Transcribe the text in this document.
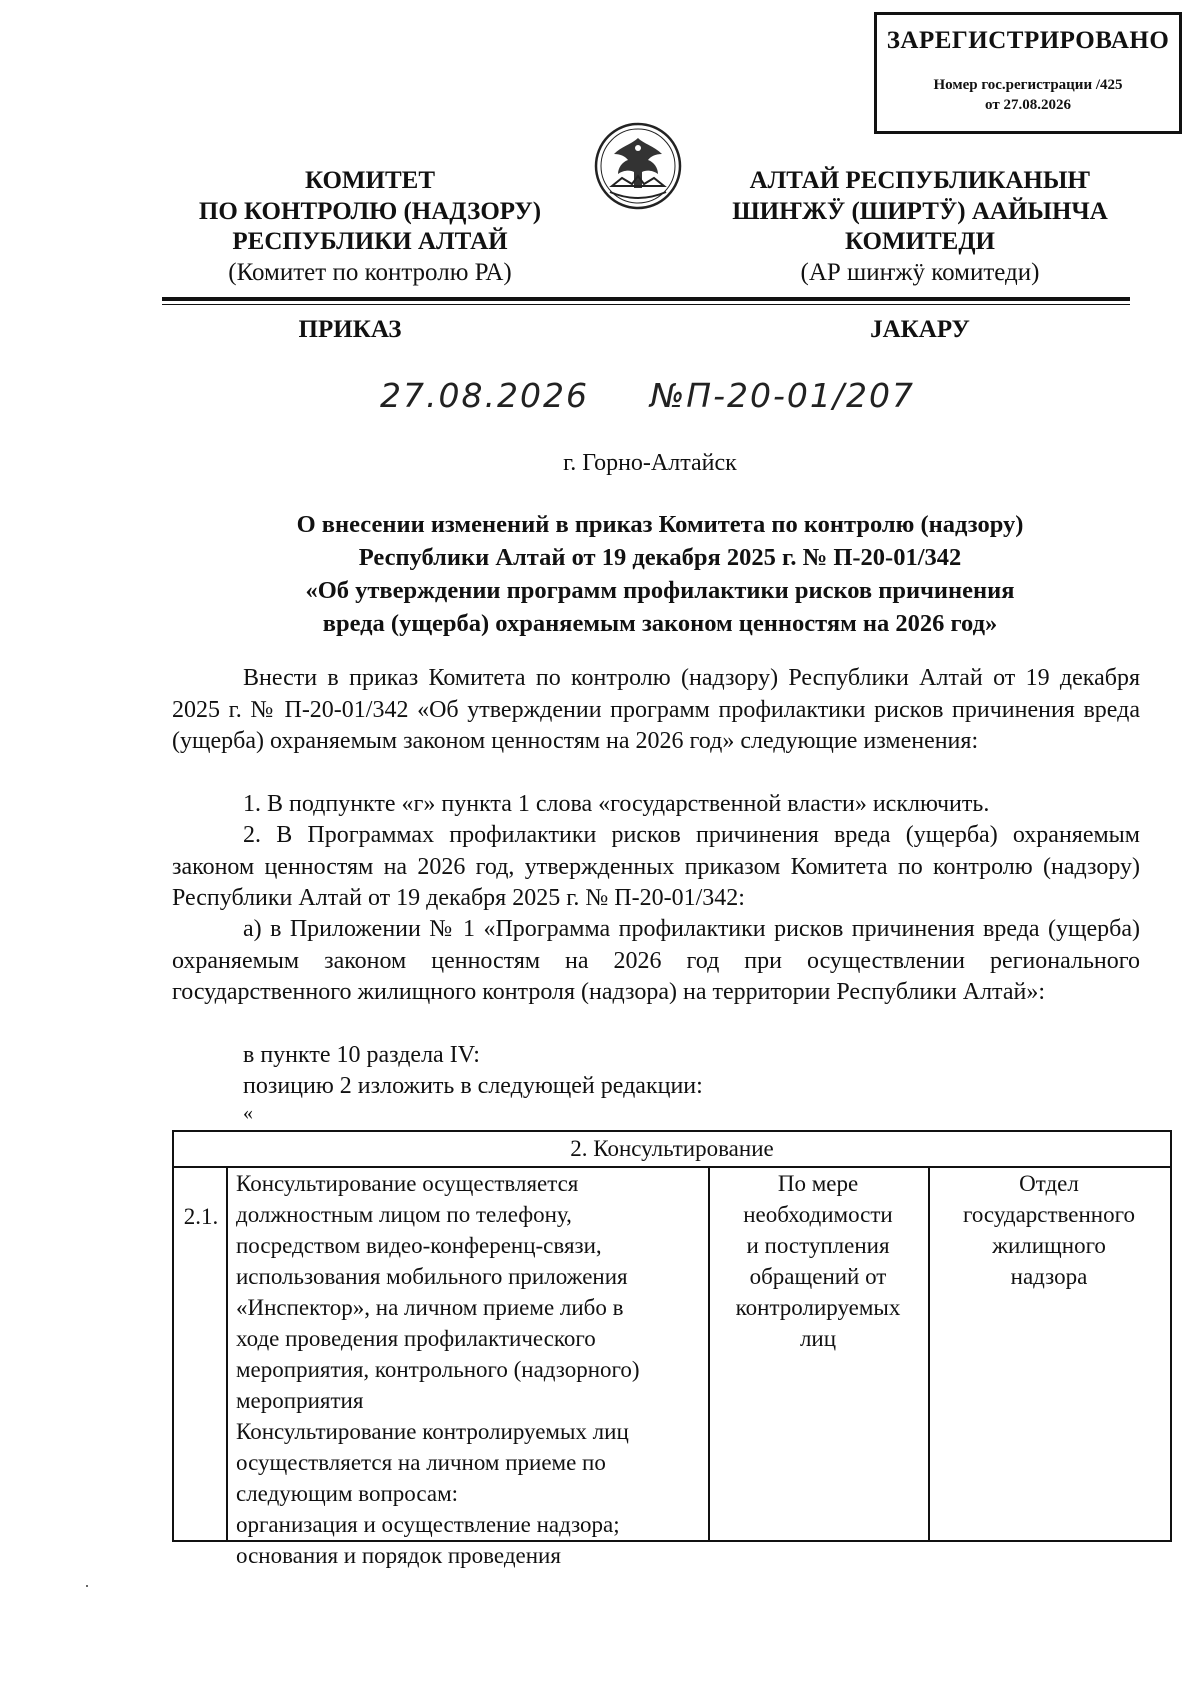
ЗАРЕГИСТРИРОВАНО
Номер гос.регистрации /425
от 27.08.2026
КОМИТЕТ
ПО КОНТРОЛЮ (НАДЗОРУ)
РЕСПУБЛИКИ АЛТАЙ
(Комитет по контролю РА)
ПРИКАЗ
АЛТАЙ РЕСПУБЛИКАНЫҤ
ШИҤЖӰ (ШИРТӰ) ААЙЫНЧА
КОМИТЕДИ
(АР шиҥжӱ комитеди)
ЈАКАРУ
27.08.2026 №П-20-01/207
г. Горно-Алтайск
О внесении изменений в приказ Комитета по контролю (надзору)
Республики Алтай от 19 декабря 2025 г. № П-20-01/342
«Об утверждении программ профилактики рисков причинения
вреда (ущерба) охраняемым законом ценностям на 2026 год»
Внести в приказ Комитета по контролю (надзору) Республики Алтай от 19 декабря 2025 г. № П-20-01/342 «Об утверждении программ профилактики рисков причинения вреда (ущерба) охраняемым законом ценностям на 2026 год» следующие изменения:
1. В подпункте «г» пункта 1 слова «государственной власти» исключить.
2. В Программах профилактики рисков причинения вреда (ущерба) охраняемым законом ценностям на 2026 год, утвержденных приказом Комитета по контролю (надзору) Республики Алтай от 19 декабря 2025 г. № П-20-01/342:
а) в Приложении № 1 «Программа профилактики рисков причинения вреда (ущерба) охраняемым законом ценностям на 2026 год при осуществлении регионального государственного жилищного контроля (надзора) на территории Республики Алтай»:
в пункте 10 раздела IV:
позицию 2 изложить в следующей редакции:
«
2. Консультирование
2.1.
Консультирование осуществляется
должностным лицом по телефону,
посредством видео-конференц-связи,
использования мобильного приложения
«Инспектор», на личном приеме либо в
ходе проведения профилактического
мероприятия, контрольного (надзорного)
мероприятия
Консультирование контролируемых лиц
осуществляется на личном приеме по
следующим вопросам:
организация и осуществление надзора;
основания и порядок проведения
По мере
необходимости
и поступления
обращений от
контролируемых
лиц
Отдел
государственного
жилищного
надзора
